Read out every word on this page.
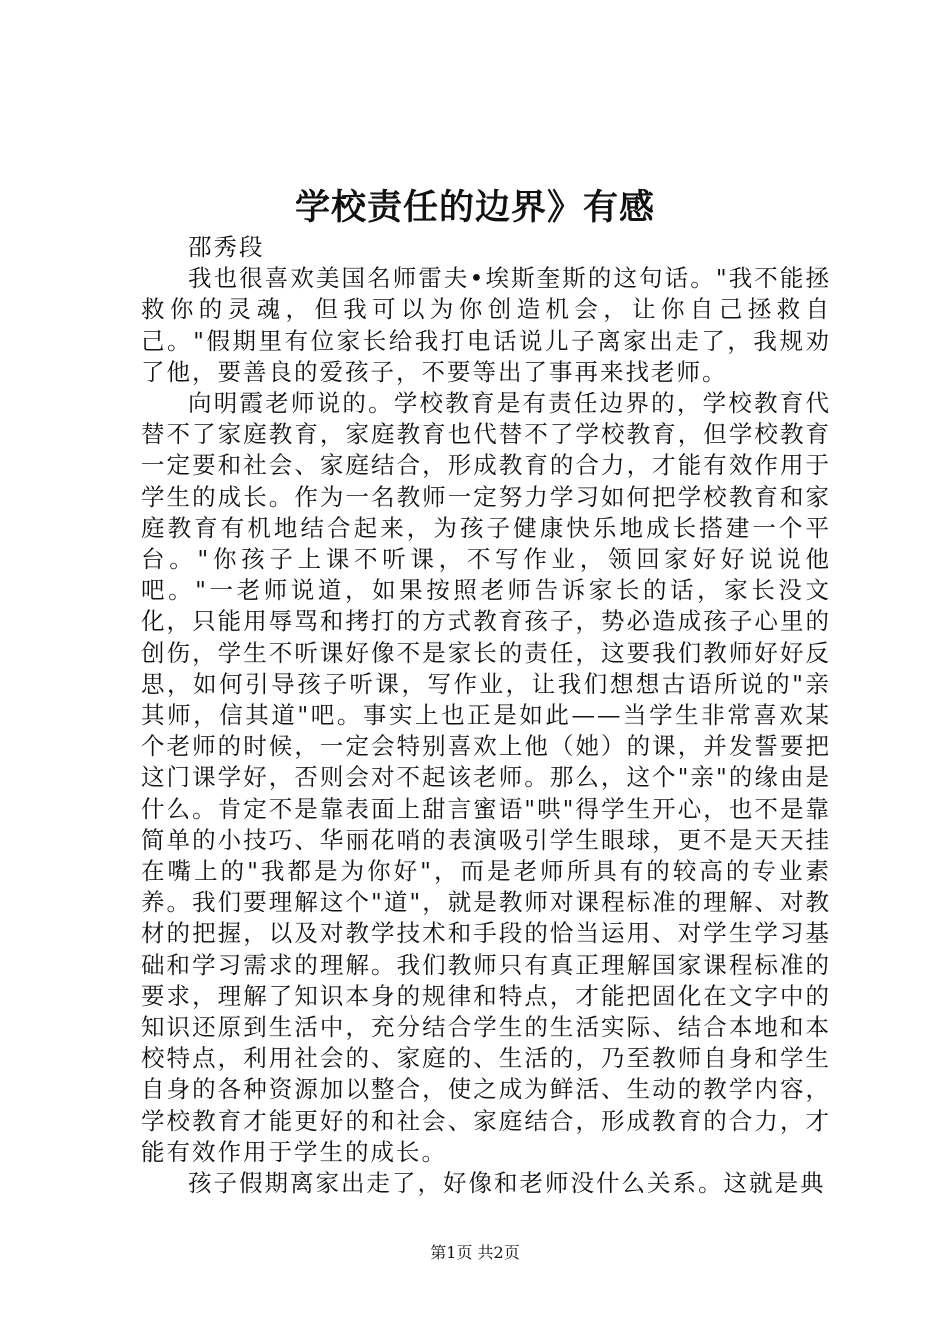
学校责任的边界》有感

邵秀段

我也很喜欢美国名师雷夫•埃斯奎斯的这句话。"我不能拯救你的灵魂，但我可以为你创造机会，让你自己拯救自己。"假期里有位家长给我打电话说儿子离家出走了，我规劝了他，要善良的爱孩子，不要等出了事再来找老师。

向明霞老师说的。学校教育是有责任边界的，学校教育代替不了家庭教育，家庭教育也代替不了学校教育，但学校教育一定要和社会、家庭结合，形成教育的合力，才能有效作用于学生的成长。作为一名教师一定努力学习如何把学校教育和家庭教育有机地结合起来，为孩子健康快乐地成长搭建一个平台。"你孩子上课不听课，不写作业，领回家好好说说他吧。"一老师说道，如果按照老师告诉家长的话，家长没文化，只能用辱骂和拷打的方式教育孩子，势必造成孩子心里的创伤，学生不听课好像不是家长的责任，这要我们教师好好反思，如何引导孩子听课，写作业，让我们想想古语所说的"亲其师，信其道"吧。事实上也正是如此——当学生非常喜欢某个老师的时候，一定会特别喜欢上他（她）的课，并发誓要把这门课学好，否则会对不起该老师。那么，这个"亲"的缘由是什么。肯定不是靠表面上甜言蜜语"哄"得学生开心，也不是靠简单的小技巧、华丽花哨的表演吸引学生眼球，更不是天天挂在嘴上的"我都是为你好"，而是老师所具有的较高的专业素养。我们要理解这个"道"，就是教师对课程标准的理解、对教材的把握，以及对教学技术和手段的恰当运用、对学生学习基础和学习需求的理解。我们教师只有真正理解国家课程标准的要求，理解了知识本身的规律和特点，才能把固化在文字中的知识还原到生活中，充分结合学生的生活实际、结合本地和本校特点，利用社会的、家庭的、生活的，乃至教师自身和学生自身的各种资源加以整合，使之成为鲜活、生动的教学内容，学校教育才能更好的和社会、家庭结合，形成教育的合力，才能有效作用于学生的成长。

孩子假期离家出走了，好像和老师没什么关系。这就是典

第1页 共2页
